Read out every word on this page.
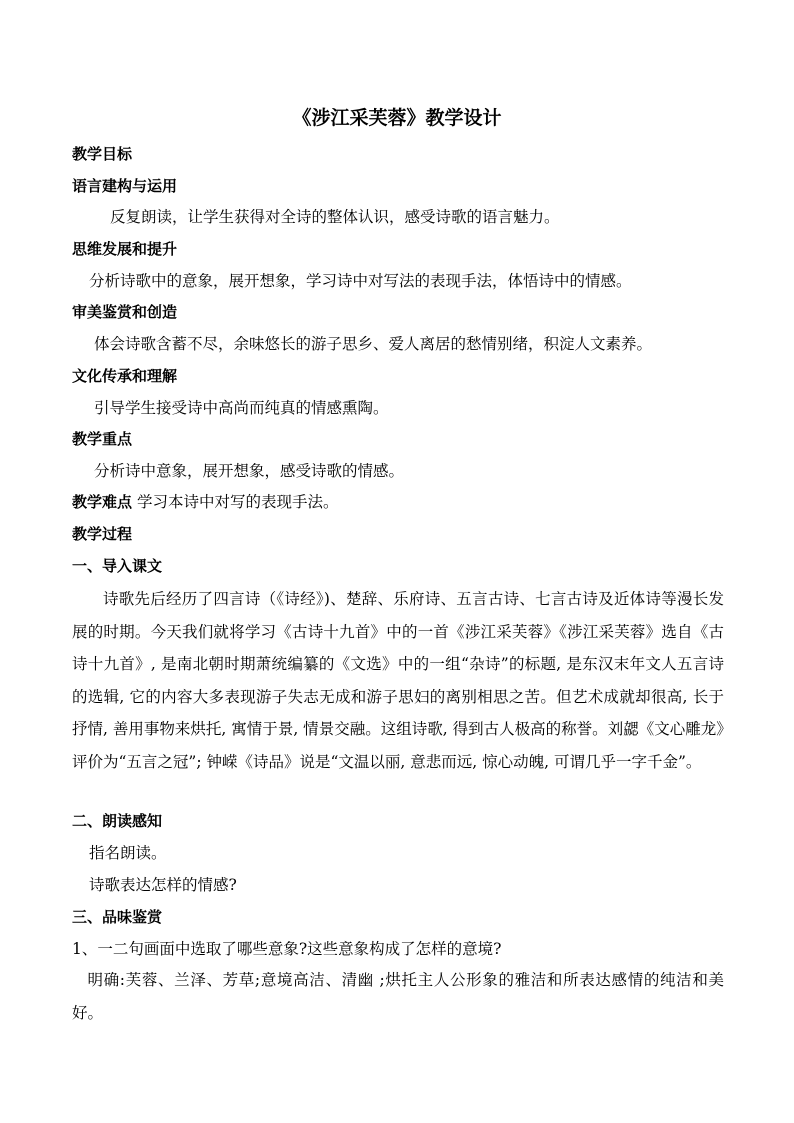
《涉江采芙蓉》教学设计
教学目标
语言建构与运用
反复朗读，让学生获得对全诗的整体认识，感受诗歌的语言魅力。
思维发展和提升
分析诗歌中的意象，展开想象，学习诗中对写法的表现手法，体悟诗中的情感。
审美鉴赏和创造
体会诗歌含蓄不尽，余味悠长的游子思乡、爱人离居的愁情别绪，积淀人文素养。
文化传承和理解
引导学生接受诗中高尚而纯真的情感熏陶。
教学重点
分析诗中意象，展开想象，感受诗歌的情感。
教学难点 学习本诗中对写的表现手法。
教学过程
一、导入课文
诗歌先后经历了四言诗（《诗经》)、楚辞、乐府诗、五言古诗、七言古诗及近体诗等漫长发展的时期。今天我们就将学习《古诗十九首》中的一首《涉江采芙蓉》《涉江采芙蓉》选自《古诗十九首》, 是南北朝时期萧统编纂的《文选》中的一组“杂诗”的标题, 是东汉末年文人五言诗的选辑, 它的内容大多表现游子失志无成和游子思妇的离别相思之苦。但艺术成就却很高, 长于抒情, 善用事物来烘托, 寓情于景, 情景交融。这组诗歌, 得到古人极高的称誉。刘勰《文心雕龙》评价为“五言之冠”; 钟嵘《诗品》说是“文温以丽, 意悲而远, 惊心动魄, 可谓几乎一字千金”。
二、朗读感知
指名朗读。
诗歌表达怎样的情感?
三、品味鉴赏
1、一二句画面中选取了哪些意象?这些意象构成了怎样的意境?
明确:芙蓉、兰泽、芳草;意境高洁、清幽 ;烘托主人公形象的雅洁和所表达感情的纯洁和美好。
